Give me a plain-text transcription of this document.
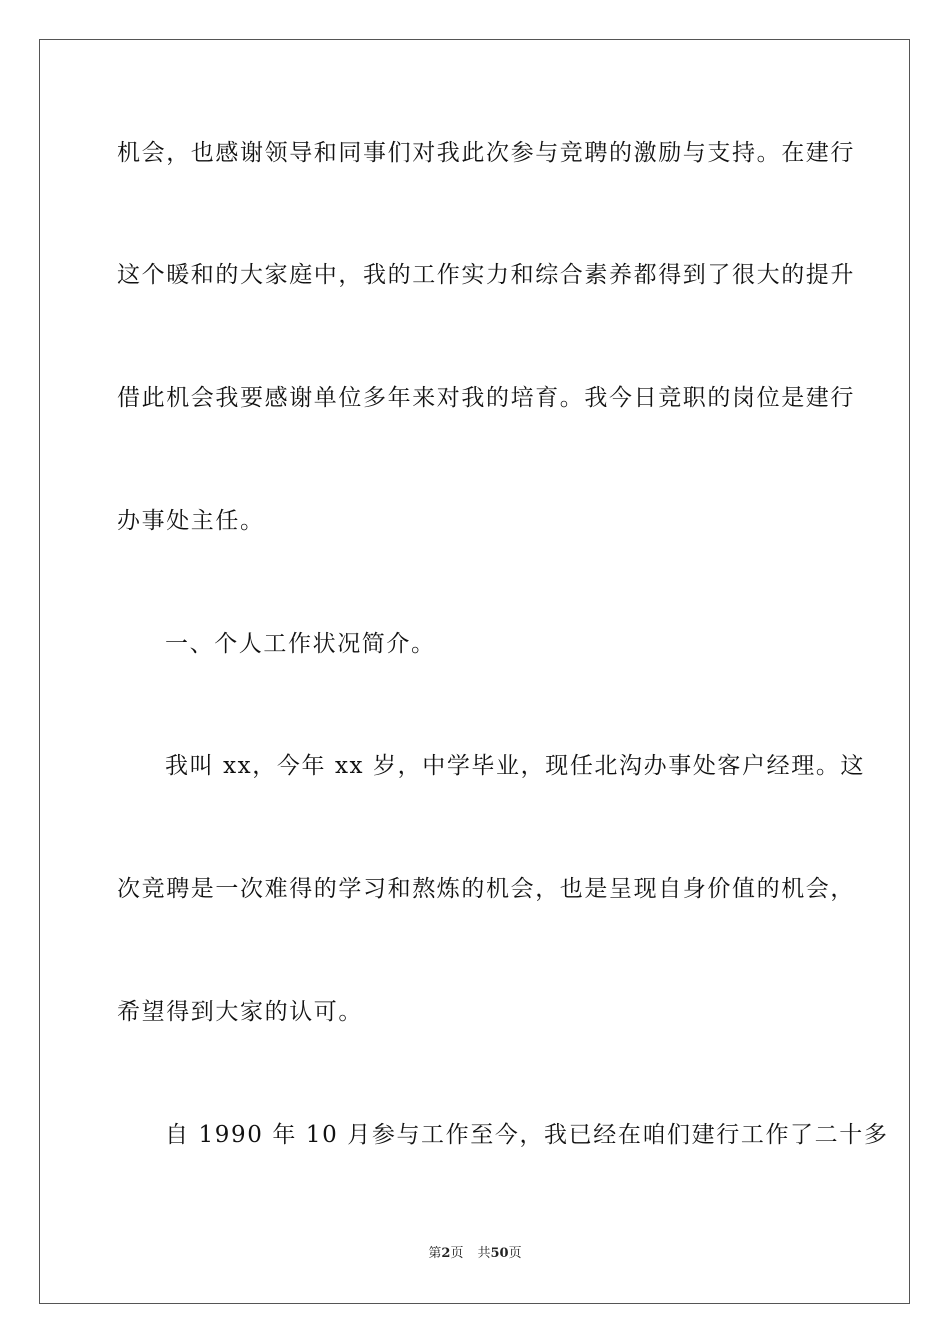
机会，也感谢领导和同事们对我此次参与竞聘的激励与支持。在建行
这个暖和的大家庭中，我的工作实力和综合素养都得到了很大的提升
借此机会我要感谢单位多年来对我的培育。我今日竞职的岗位是建行
办事处主任。
一、个人工作状况简介。
我叫 xx，今年 xx 岁，中学毕业，现任北沟办事处客户经理。这
次竞聘是一次难得的学习和熬炼的机会，也是呈现自身价值的机会，
希望得到大家的认可。
自 1990 年 10 月参与工作至今，我已经在咱们建行工作了二十多
第2页 共50页
